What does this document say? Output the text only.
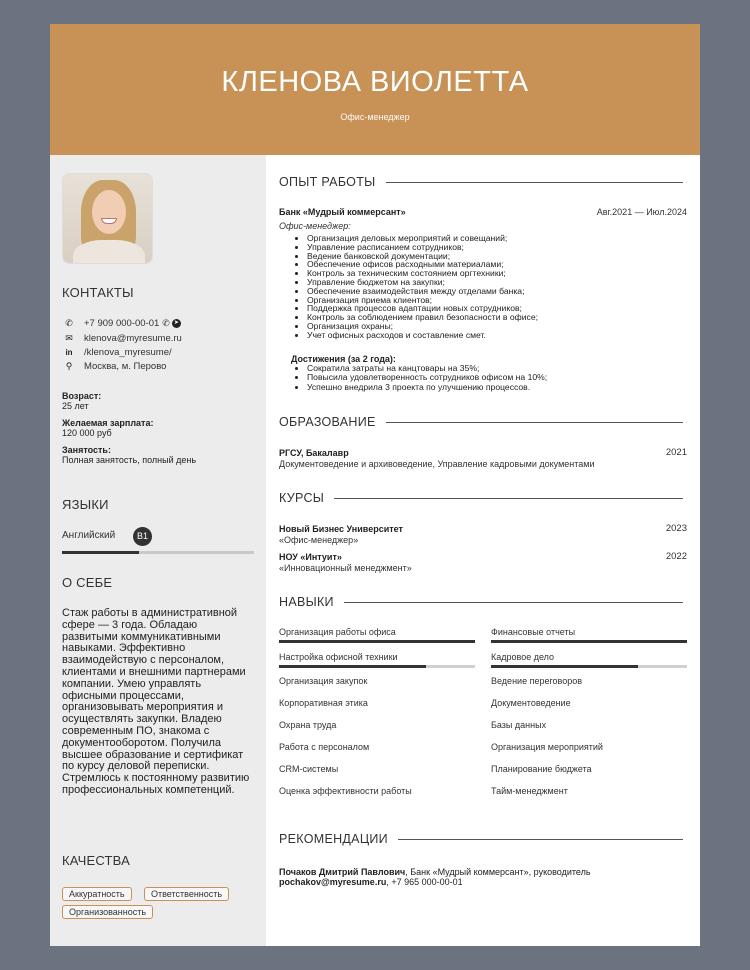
КЛЕНОВА ВИОЛЕТТА
Офис-менеджер
КОНТАКТЫ
✆ +7 909 000-00-01 ✆ ➤
✉ klenova@myresume.ru
in /klenova_myresume/
⚲ Москва, м. Перово
Возраст:
25 лет
Желаемая зарплата:
120 000 руб
Занятость:
Полная занятость, полный день
ЯЗЫКИ
Английский	B1
О СЕБЕ
Стаж работы в административной сфере — 3 года. Обладаю развитыми коммуникативными навыками. Эффективно взаимодействую с персоналом, клиентами и внешними партнерами компании. Умею управлять офисными процессами, организовывать мероприятия и осуществлять закупки. Владею современным ПО, знакома с документооборотом. Получила высшее образование и сертификат по курсу деловой переписки. Стремлюсь к постоянному развитию профессиональных компетенций.
КАЧЕСТВА
Аккуратность	Ответственность
Организованность
ОПЫТ РАБОТЫ
Банк «Мудрый коммерсант»	Авг.2021 — Июл.2024
Офис-менеджер:
• Организация деловых мероприятий и совещаний;
• Управление расписанием сотрудников;
• Ведение банковской документации;
• Обеспечение офисов расходными материалами;
• Контроль за техническим состоянием оргтехники;
• Управление бюджетом на закупки;
• Обеспечение взаимодействия между отделами банка;
• Организация приема клиентов;
• Поддержка процессов адаптации новых сотрудников;
• Контроль за соблюдением правил безопасности в офисе;
• Организация охраны;
• Учет офисных расходов и составление смет.
Достижения (за 2 года):
• Сократила затраты на канцтовары на 35%;
• Повысила удовлетворенность сотрудников офисом на 10%;
• Успешно внедрила 3 проекта по улучшению процессов.
ОБРАЗОВАНИЕ
РГСУ, Бакалавр	2021
Документоведение и архивоведение, Управление кадровыми документами
КУРСЫ
Новый Бизнес Университет	2023
«Офис-менеджер»
НОУ «Интуит»	2022
«Инновационный менеджмент»
НАВЫКИ
Организация работы офиса	Финансовые отчеты
Настройка офисной техники	Кадровое дело
Организация закупок	Ведение переговоров
Корпоративная этика	Документоведение
Охрана труда	Базы данных
Работа с персоналом	Организация мероприятий
CRM-системы	Планирование бюджета
Оценка эффективности работы	Тайм-менеджмент
РЕКОМЕНДАЦИИ
Почаков Дмитрий Павлович, Банк «Мудрый коммерсант», руководитель
pochakov@myresume.ru, +7 965 000-00-01
